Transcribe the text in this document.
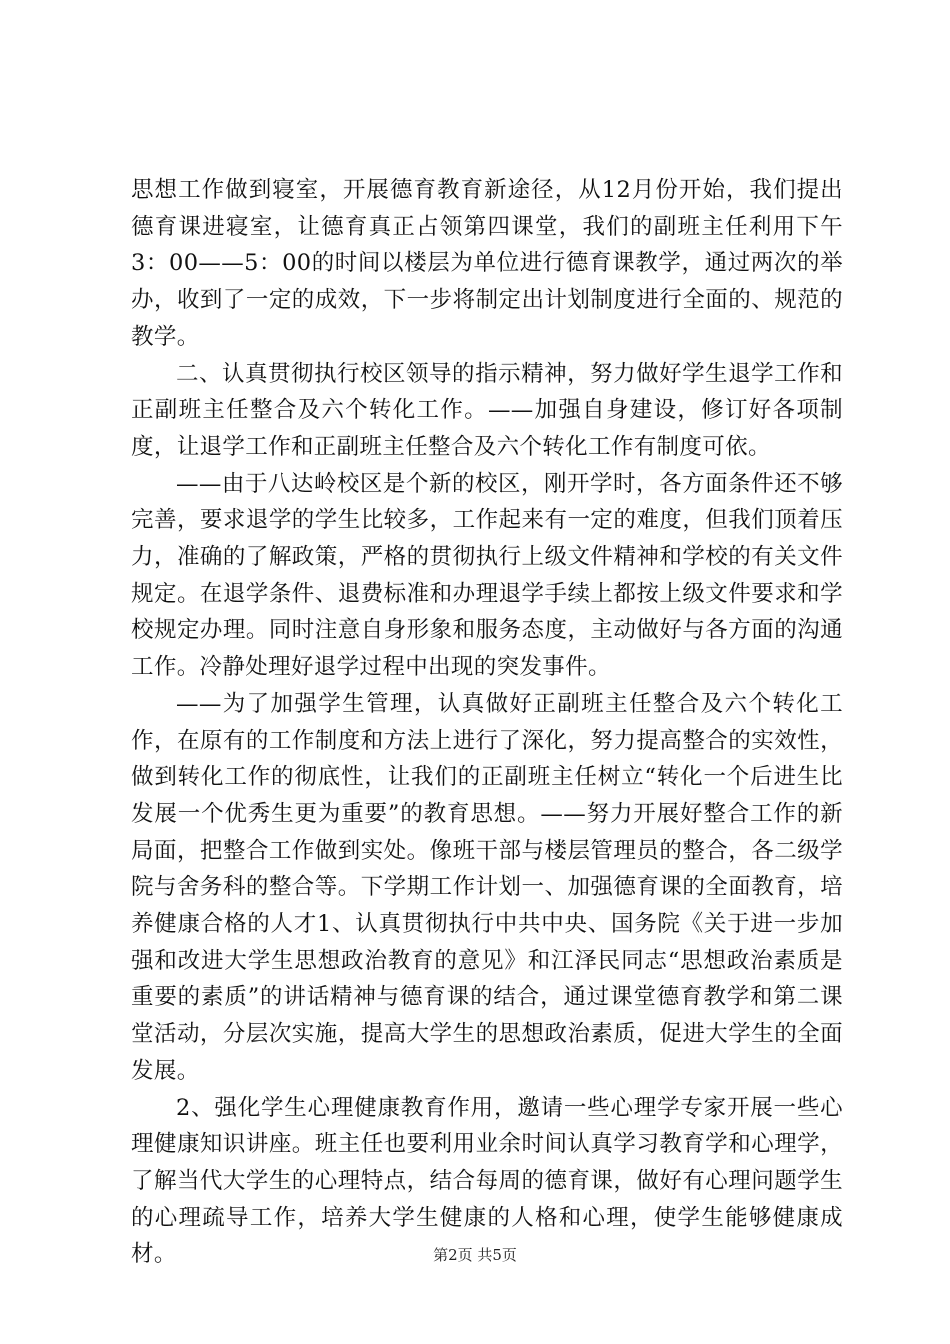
思想工作做到寝室，开展德育教育新途径，从12月份开始，我们提出德育课进寝室，让德育真正占领第四课堂，我们的副班主任利用下午3：00——5：00的时间以楼层为单位进行德育课教学，通过两次的举办，收到了一定的成效，下一步将制定出计划制度进行全面的、规范的教学。

二、认真贯彻执行校区领导的指示精神，努力做好学生退学工作和正副班主任整合及六个转化工作。——加强自身建设，修订好各项制度，让退学工作和正副班主任整合及六个转化工作有制度可依。

——由于八达岭校区是个新的校区，刚开学时，各方面条件还不够完善，要求退学的学生比较多，工作起来有一定的难度，但我们顶着压力，准确的了解政策，严格的贯彻执行上级文件精神和学校的有关文件规定。在退学条件、退费标准和办理退学手续上都按上级文件要求和学校规定办理。同时注意自身形象和服务态度，主动做好与各方面的沟通工作。冷静处理好退学过程中出现的突发事件。

——为了加强学生管理，认真做好正副班主任整合及六个转化工作，在原有的工作制度和方法上进行了深化，努力提高整合的实效性，做到转化工作的彻底性，让我们的正副班主任树立“转化一个后进生比发展一个优秀生更为重要”的教育思想。——努力开展好整合工作的新局面，把整合工作做到实处。像班干部与楼层管理员的整合，各二级学院与舍务科的整合等。下学期工作计划一、加强德育课的全面教育，培养健康合格的人才1、认真贯彻执行中共中央、国务院《关于进一步加强和改进大学生思想政治教育的意见》和江泽民同志“思想政治素质是重要的素质”的讲话精神与德育课的结合，通过课堂德育教学和第二课堂活动，分层次实施，提高大学生的思想政治素质，促进大学生的全面发展。

2、强化学生心理健康教育作用，邀请一些心理学专家开展一些心理健康知识讲座。班主任也要利用业余时间认真学习教育学和心理学，了解当代大学生的心理特点，结合每周的德育课，做好有心理问题学生的心理疏导工作，培养大学生健康的人格和心理，使学生能够健康成材。	第2页 共5页
